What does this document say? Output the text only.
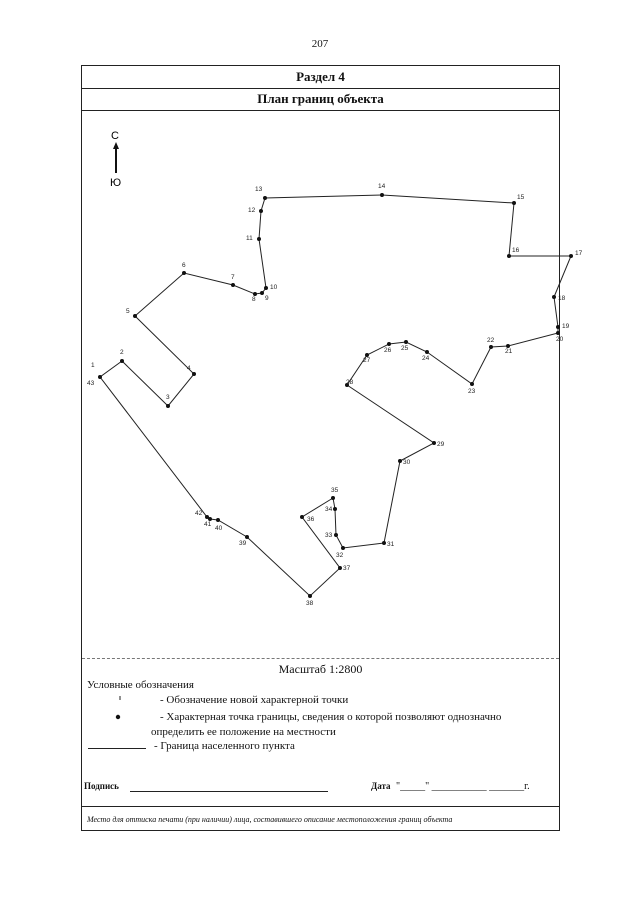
207
Раздел 4
План границ объекта
С
Ю
1
2
3
4
5
6
7
8 9
10
11
12
13	14
15
16	17
18
19
20
21
22
23
24
25
26
27
28
29
30
31
32
33
34
35
36
37
38
39
40
41
42
43
Масштаб 1:2800
Условные обозначения
- Обозначение новой характерной точки
- Характерная точка границы, сведения о которой позволяют однозначно
определить ее положение на местности
- Граница населенного пункта
Подпись	Дата "_____" ___________ _______г.
Место для оттиска печати (при наличии) лица, составившего описание местоположения границ объекта
